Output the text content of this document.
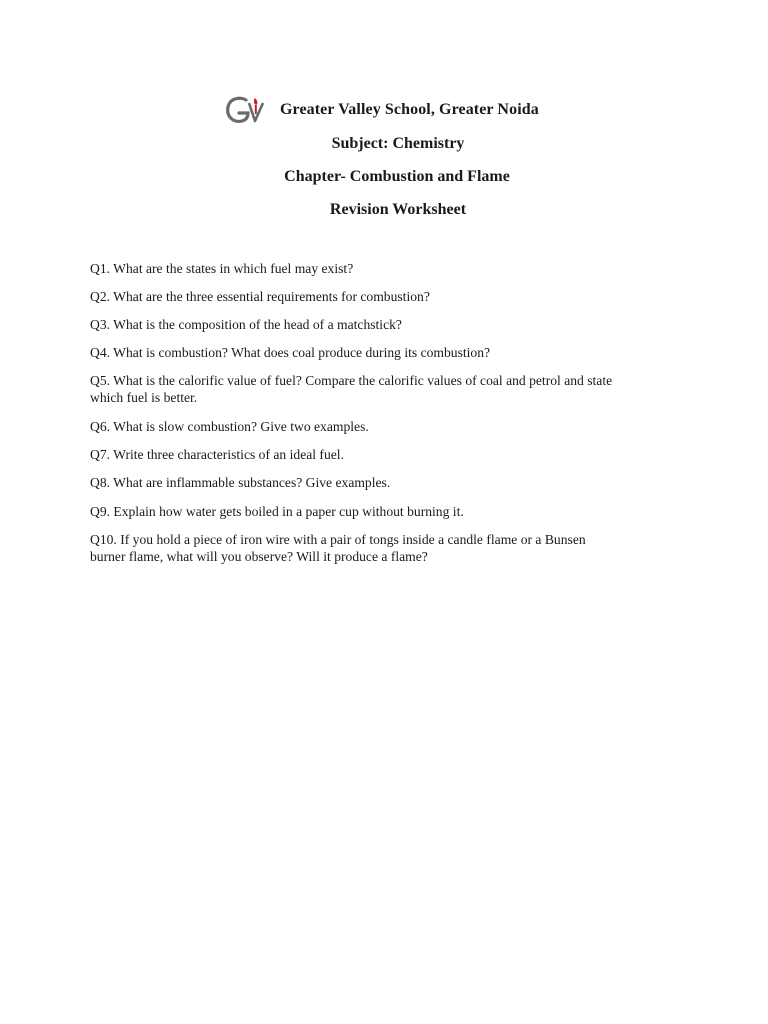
Greater Valley School, Greater Noida
Subject: Chemistry
Chapter- Combustion and Flame
Revision Worksheet
Q1. What are the states in which fuel may exist?
Q2. What are the three essential requirements for combustion?
Q3. What is the composition of the head of a matchstick?
Q4. What is combustion? What does coal produce during its combustion?
Q5. What is the calorific value of fuel? Compare the calorific values of coal and petrol and state
which fuel is better.
Q6. What is slow combustion? Give two examples.
Q7. Write three characteristics of an ideal fuel.
Q8. What are inflammable substances? Give examples.
Q9. Explain how water gets boiled in a paper cup without burning it.
Q10. If you hold a piece of iron wire with a pair of tongs inside a candle flame or a Bunsen
burner flame, what will you observe? Will it produce a flame?
